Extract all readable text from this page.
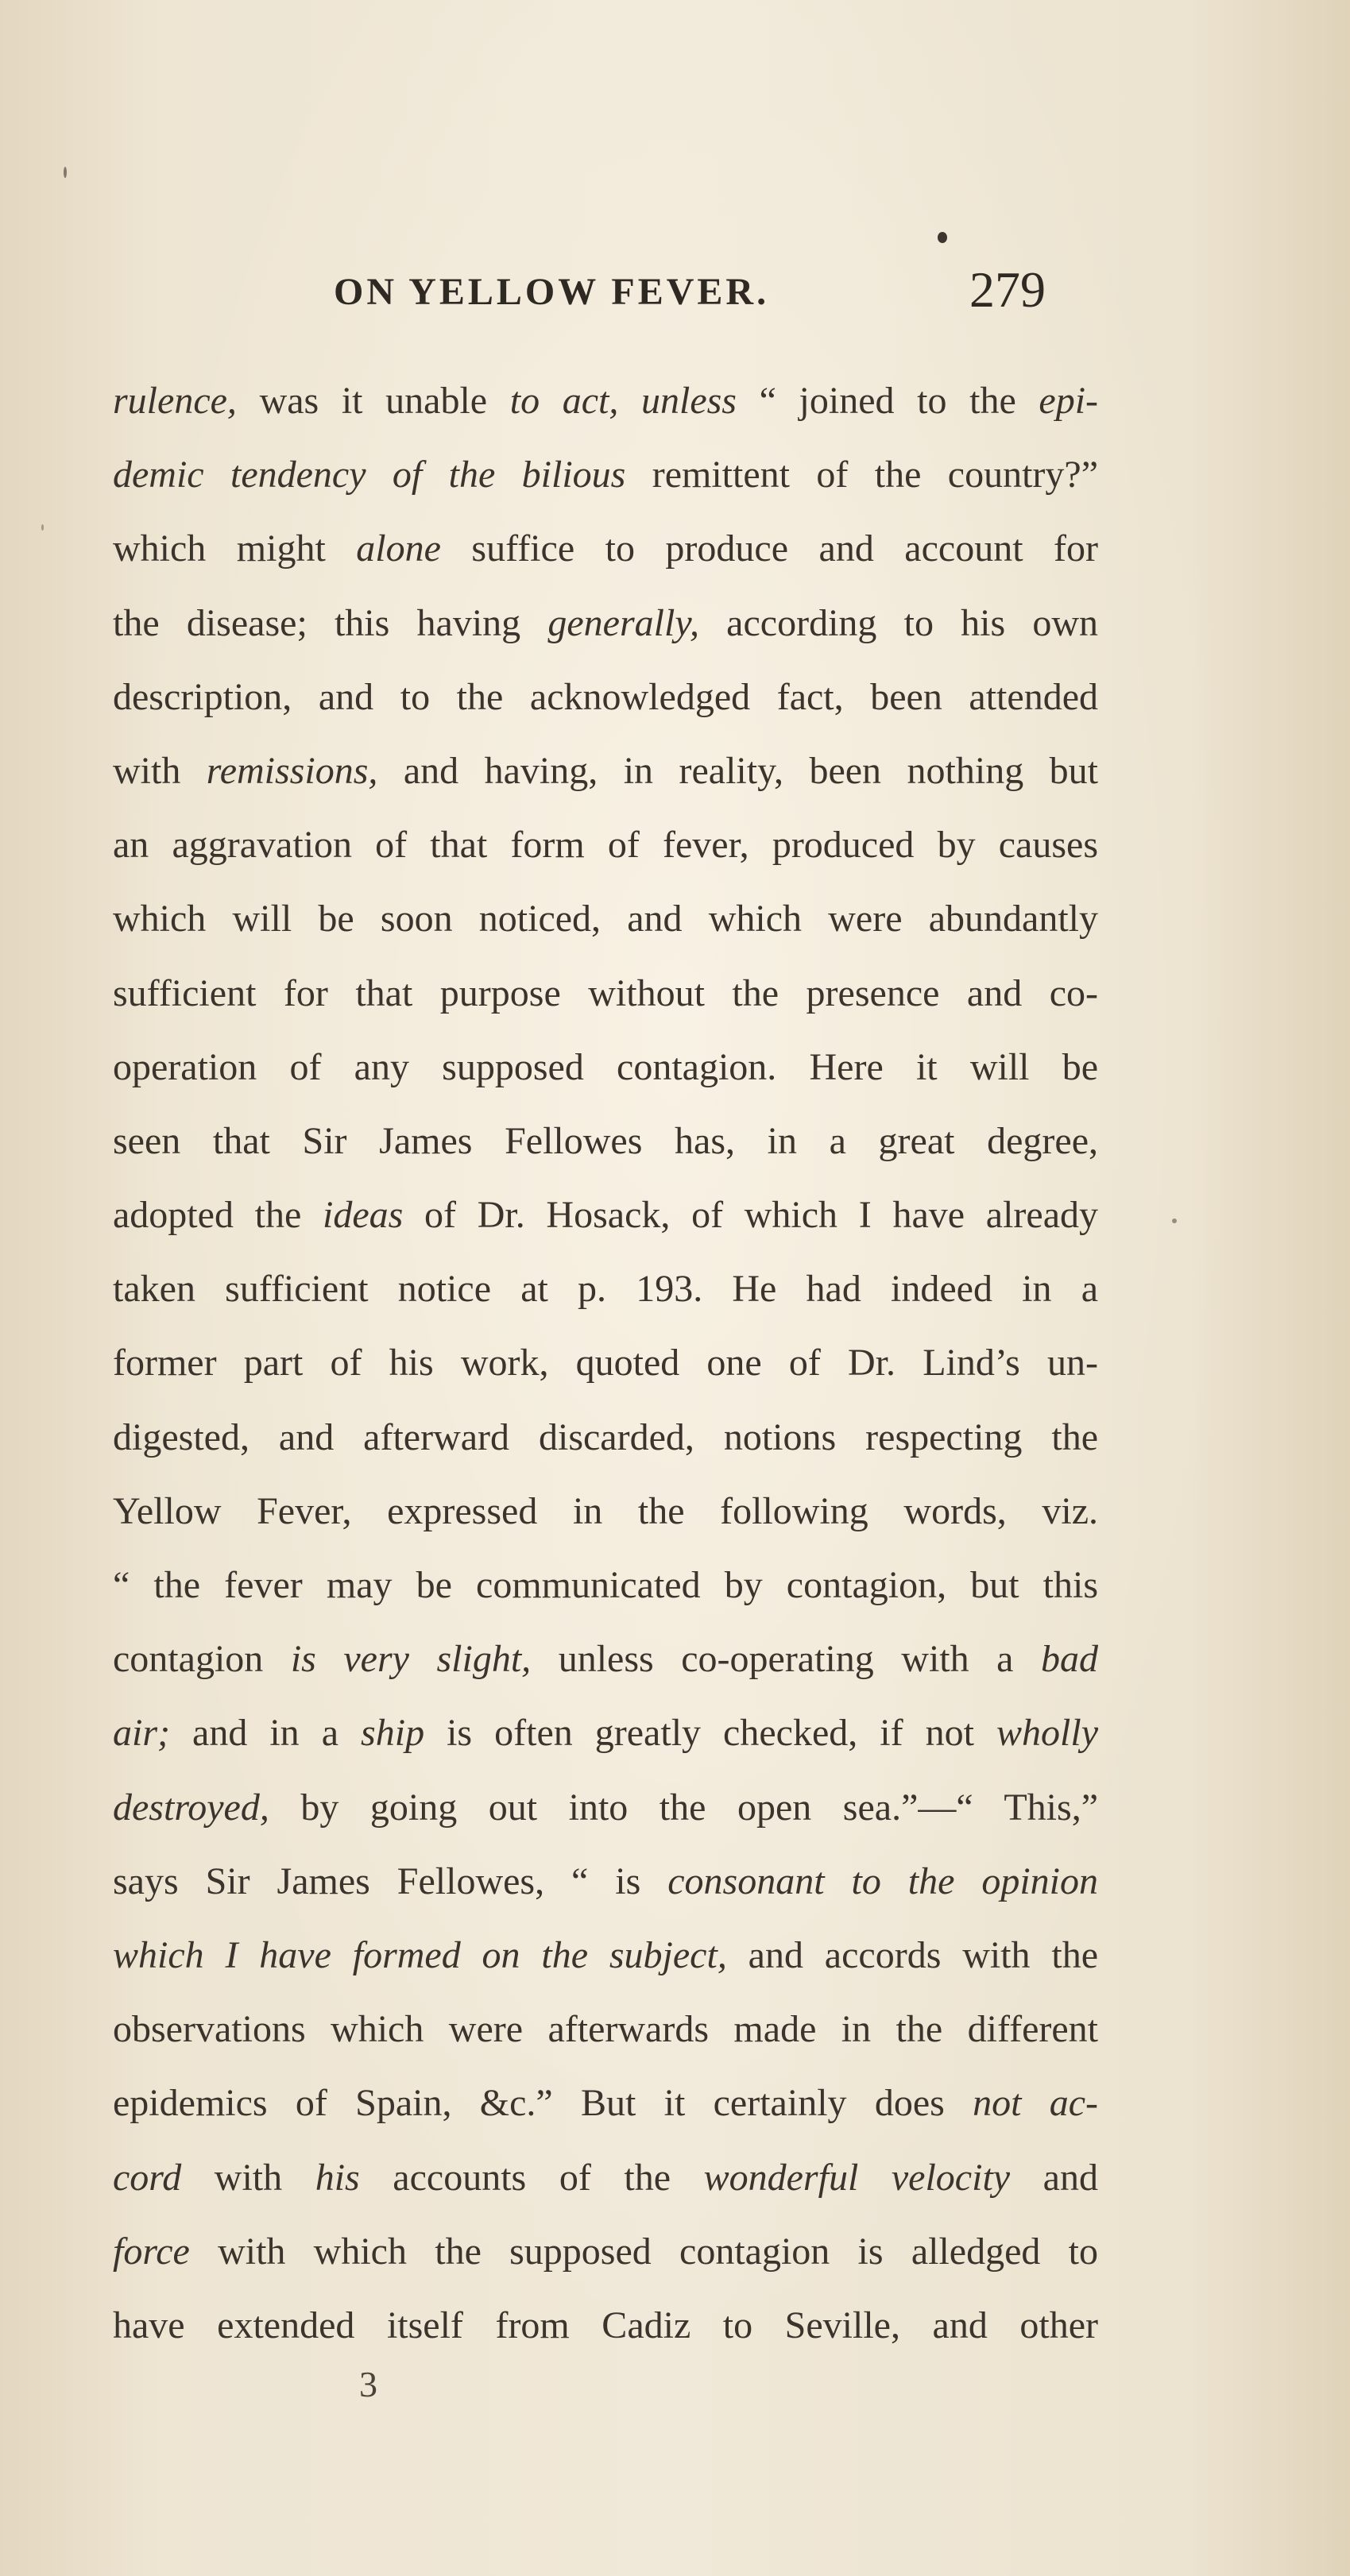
ON YELLOW FEVER.	279
rulence, was it unable to act, unless “ joined to the epi-
demic tendency of the bilious remittent of the country?”
which might alone suffice to produce and account for
the disease; this having generally, according to his own
description, and to the acknowledged fact, been attended
with remissions, and having, in reality, been nothing but
an aggravation of that form of fever, produced by causes
which will be soon noticed, and which were abundantly
sufficient for that purpose without the presence and co-
operation of any supposed contagion. Here it will be
seen that Sir James Fellowes has, in a great degree,
adopted the ideas of Dr. Hosack, of which I have already
taken sufficient notice at p. 193. He had indeed in a
former part of his work, quoted one of Dr. Lind’s un-
digested, and afterward discarded, notions respecting the
Yellow Fever, expressed in the following words, viz.
“ the fever may be communicated by contagion, but this
contagion is very slight, unless co-operating with a bad
air; and in a ship is often greatly checked, if not wholly
destroyed, by going out into the open sea.”—“ This,”
says Sir James Fellowes, “ is consonant to the opinion
which I have formed on the subject, and accords with the
observations which were afterwards made in the different
epidemics of Spain, &c.” But it certainly does not ac-
cord with his accounts of the wonderful velocity and
force with which the supposed contagion is alledged to
have extended itself from Cadiz to Seville, and other
3
